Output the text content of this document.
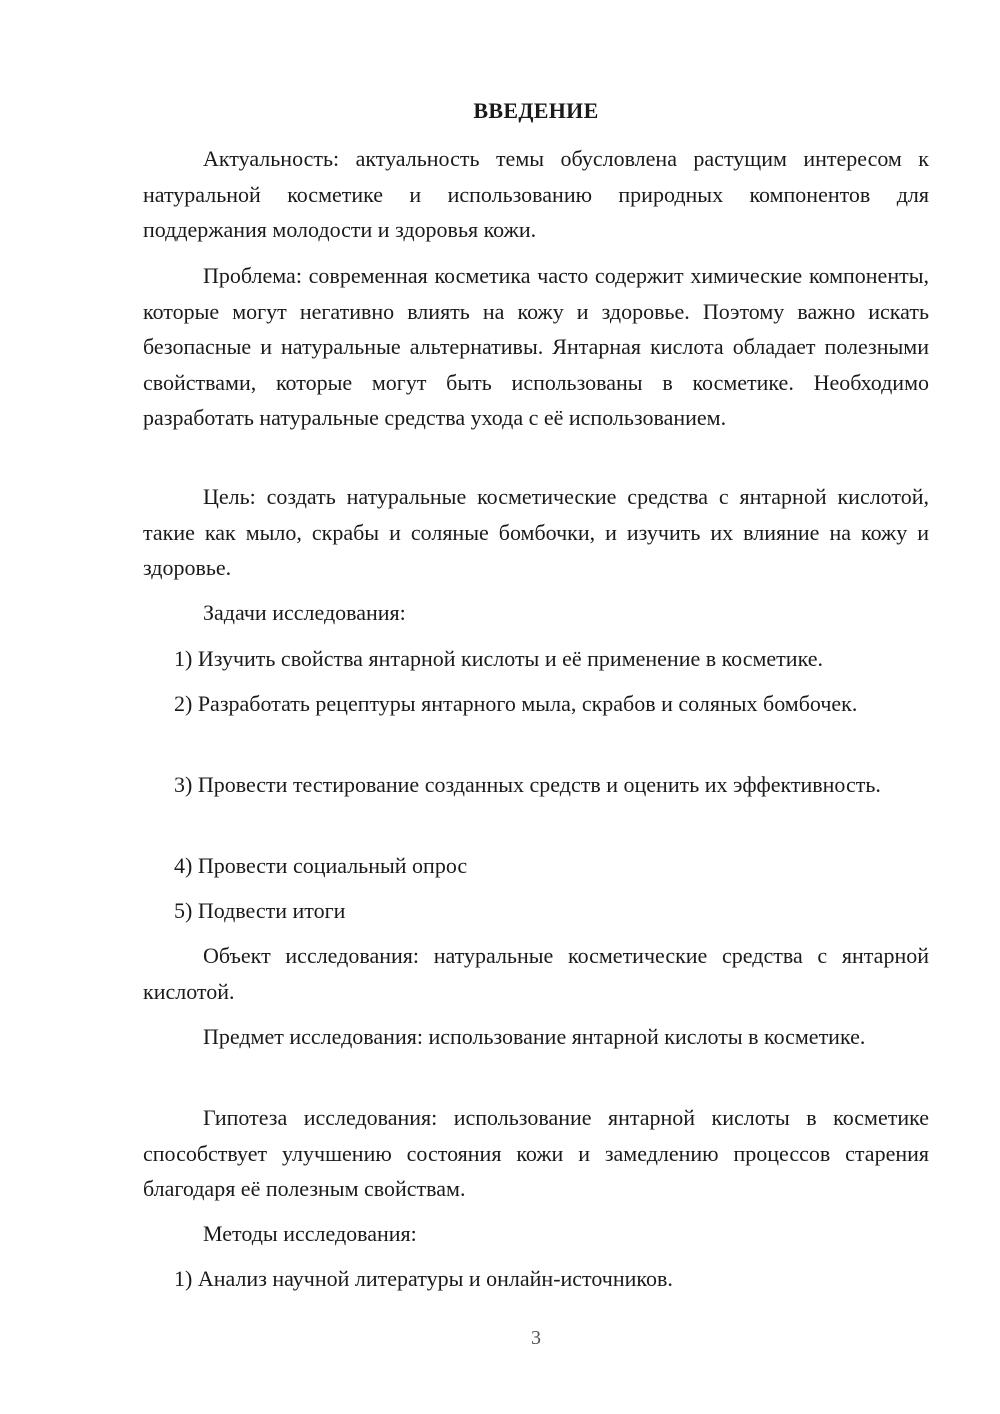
ВВЕДЕНИЕ

Актуальность: актуальность темы обусловлена растущим интересом к натуральной косметике и использованию природных компонентов для поддержания молодости и здоровья кожи.

Проблема: современная косметика часто содержит химические компоненты, которые могут негативно влиять на кожу и здоровье. Поэтому важно искать безопасные и натуральные альтернативы. Янтарная кислота обладает полезными свойствами, которые могут быть использованы в косметике. Необходимо разработать натуральные средства ухода с её использованием.

Цель: создать натуральные косметические средства с янтарной кислотой, такие как мыло, скрабы и соляные бомбочки, и изучить их влияние на кожу и здоровье.

Задачи исследования:

1) Изучить свойства янтарной кислоты и её применение в косметике.

2) Разработать рецептуры янтарного мыла, скрабов и соляных бомбочек.

3) Провести тестирование созданных средств и оценить их эффективность.

4) Провести социальный опрос

5) Подвести итоги

Объект исследования: натуральные косметические средства с янтарной кислотой.

Предмет исследования: использование янтарной кислоты в косметике.

Гипотеза исследования: использование янтарной кислоты в косметике способствует улучшению состояния кожи и замедлению процессов старения благодаря её полезным свойствам.

Методы исследования:

1) Анализ научной литературы и онлайн-источников.

3
